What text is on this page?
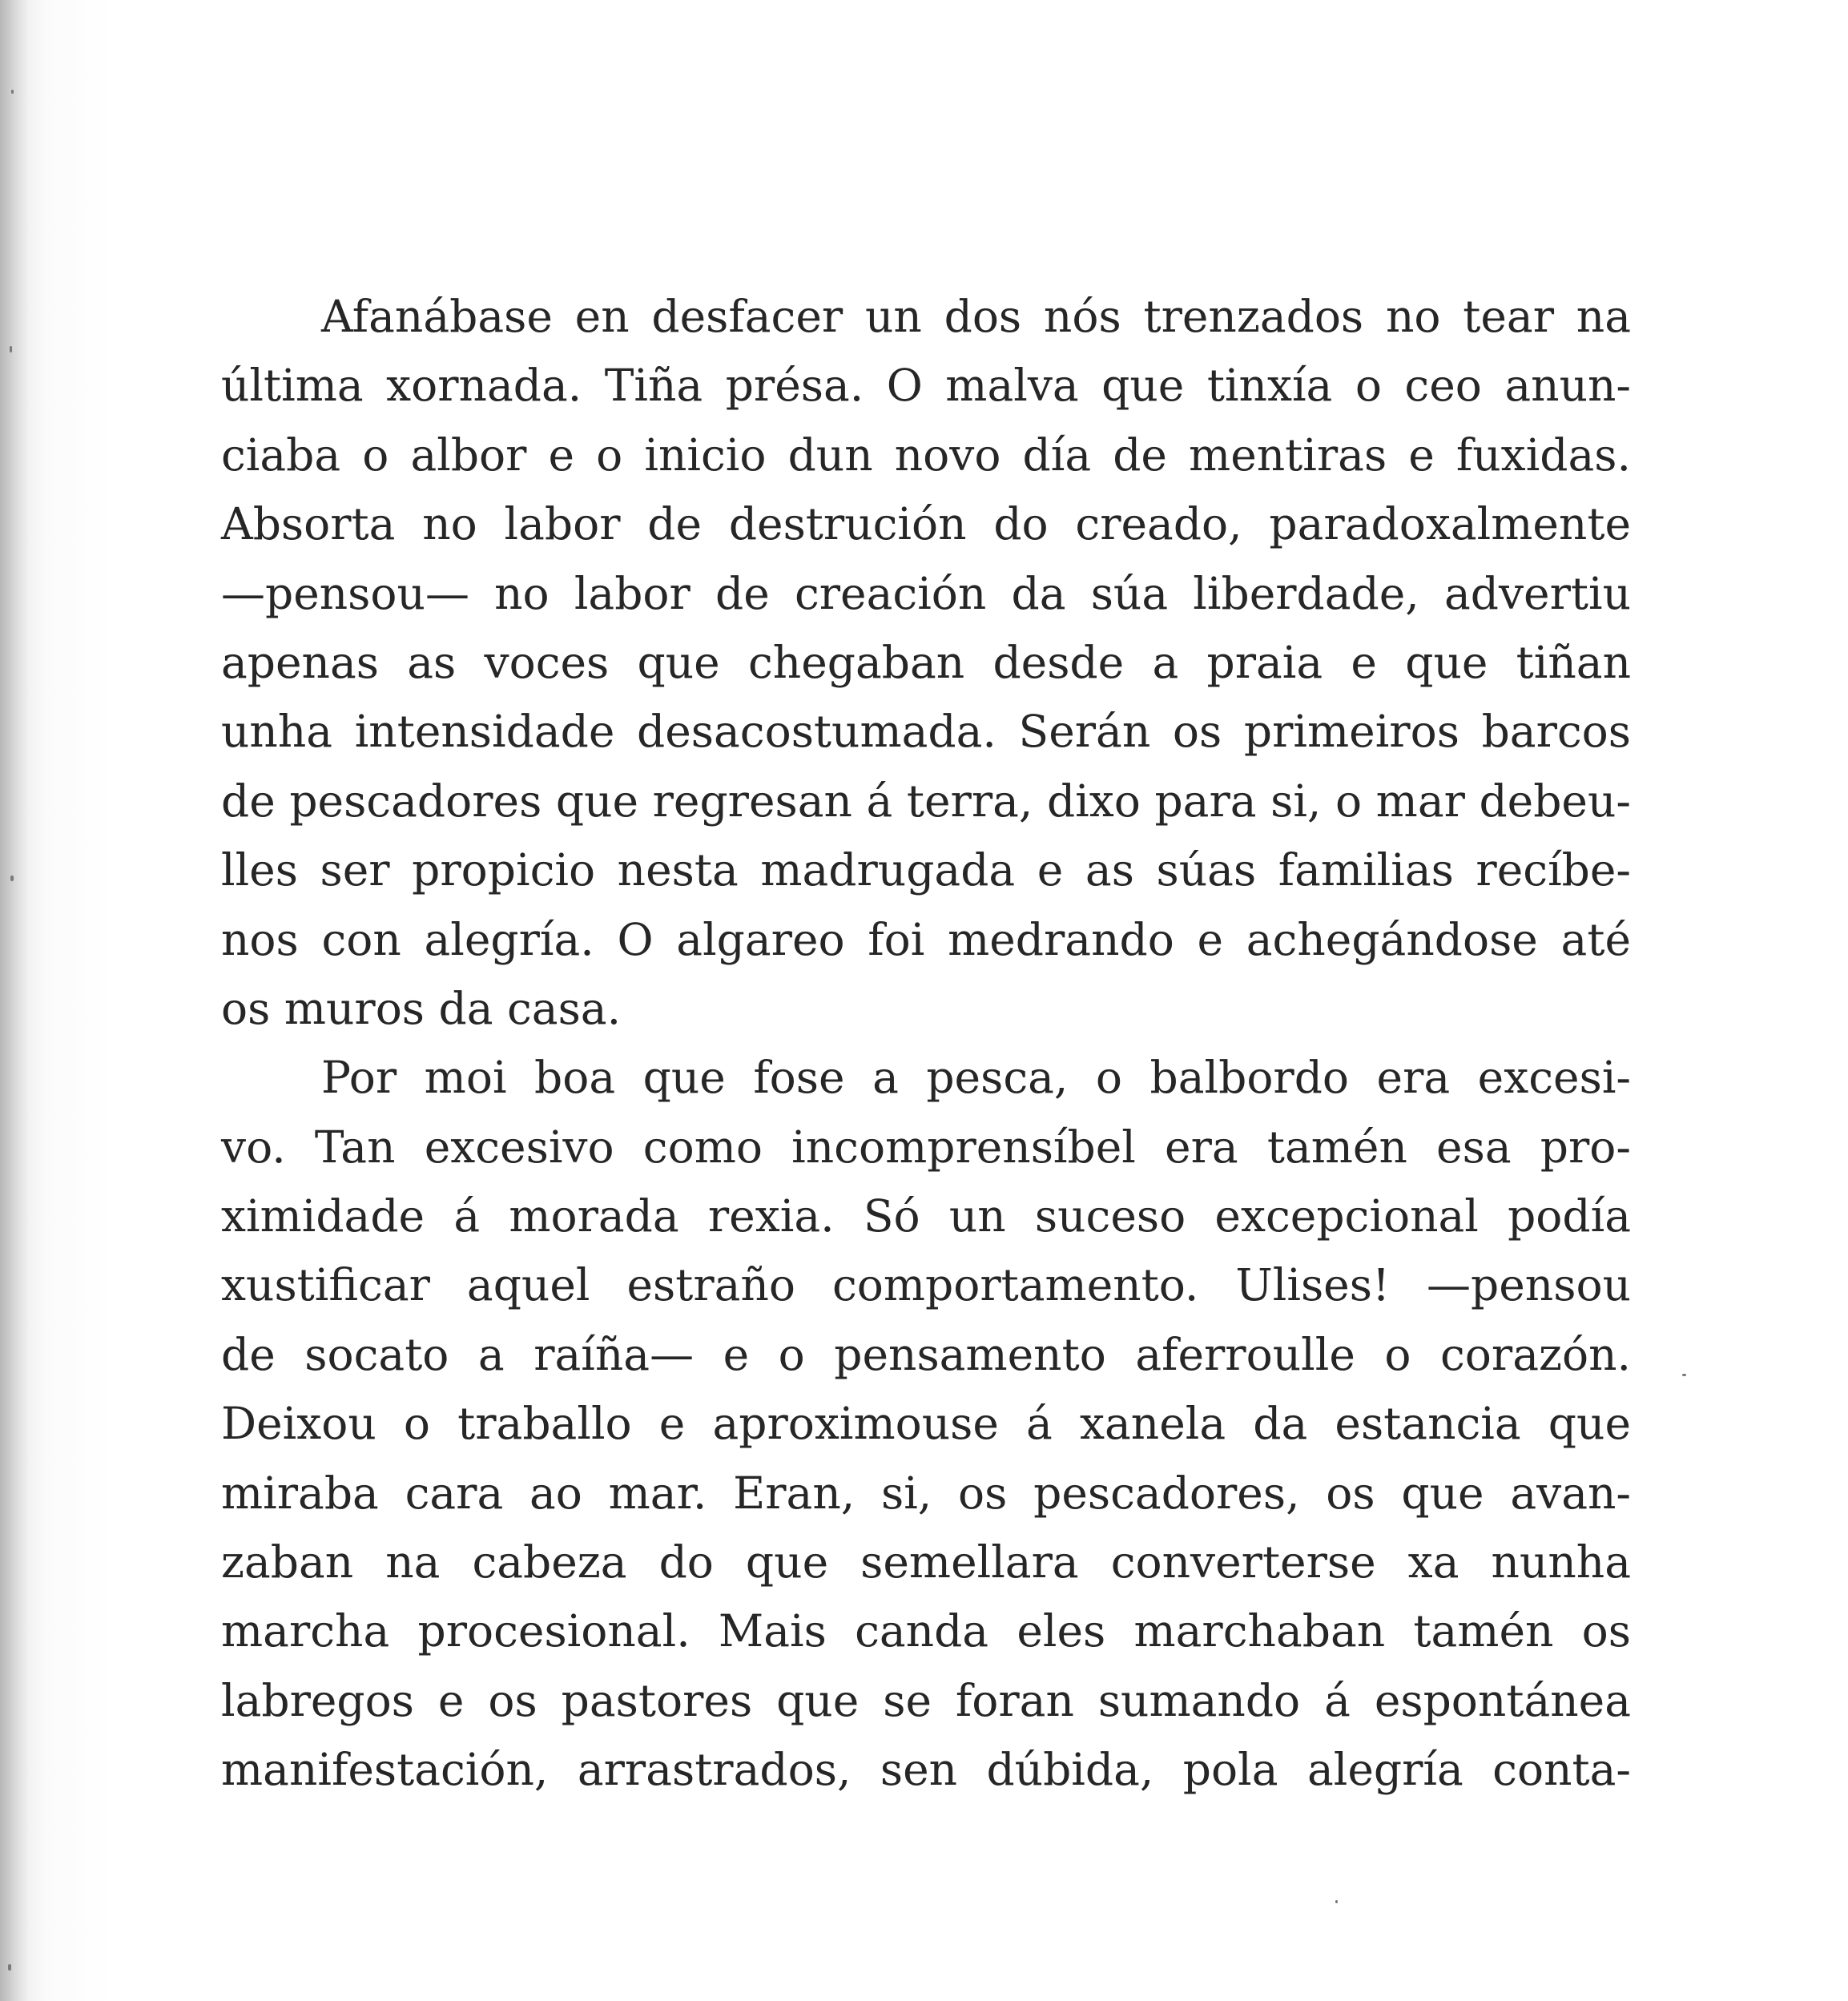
Afanábase en desfacer un dos nós trenzados no tear na
última xornada. Tiña présa. O malva que tinxía o ceo anun-
ciaba o albor e o inicio dun novo día de mentiras e fuxidas.
Absorta no labor de destrución do creado, paradoxalmente
—pensou— no labor de creación da súa liberdade, advertiu
apenas as voces que chegaban desde a praia e que tiñan
unha intensidade desacostumada. Serán os primeiros barcos
de pescadores que regresan á terra, dixo para si, o mar debeu-
lles ser propicio nesta madrugada e as súas familias recíbe-
nos con alegría. O algareo foi medrando e achegándose até
os muros da casa.
Por moi boa que fose a pesca, o balbordo era excesi-
vo. Tan excesivo como incomprensíbel era tamén esa pro-
ximidade á morada rexia. Só un suceso excepcional podía
xustificar aquel estraño comportamento. Ulises! —pensou
de socato a raíña— e o pensamento aferroulle o corazón.
Deixou o traballo e aproximouse á xanela da estancia que
miraba cara ao mar. Eran, si, os pescadores, os que avan-
zaban na cabeza do que semellara converterse xa nunha
marcha procesional. Mais canda eles marchaban tamén os
labregos e os pastores que se foran sumando á espontánea
manifestación, arrastrados, sen dúbida, pola alegría conta-
